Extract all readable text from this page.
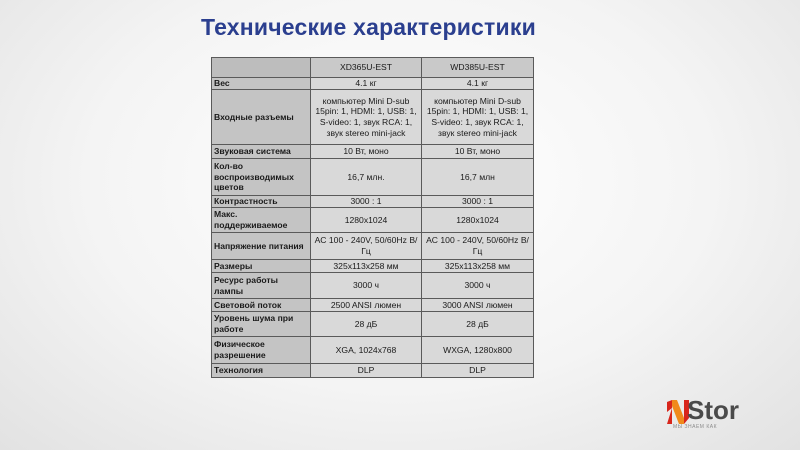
Технические характеристики
	XD365U-EST	WD385U-EST
Вес	4.1 кг	4.1 кг
Входные разъемы	компьютер Mini D-sub 15pin: 1, HDMI: 1, USB: 1, S-video: 1, звук RCA: 1, звук stereo mini-jack	компьютер Mini D-sub 15pin: 1, HDMI: 1, USB: 1, S-video: 1, звук RCA: 1, звук stereo mini-jack
Звуковая система	10 Вт, моно	10 Вт, моно
Кол-во воспроизводимых цветов	16,7 млн.	16,7 млн
Контрастность	3000 : 1	3000 : 1
Макс. поддерживаемое	1280x1024	1280x1024
Напряжение питания	AC 100 - 240V, 50/60Hz В/Гц	AC 100 - 240V, 50/60Hz В/Гц
Размеры	325x113x258 мм	325x113x258 мм
Ресурс работы лампы	3000 ч	3000 ч
Световой поток	2500 ANSI люмен	3000 ANSI люмен
Уровень шума при работе	28 дБ	28 дБ
Физическое разрешение	XGA, 1024x768	WXGA, 1280x800
Технология	DLP	DLP
Stor
МЫ ЗНАЕМ КАК
